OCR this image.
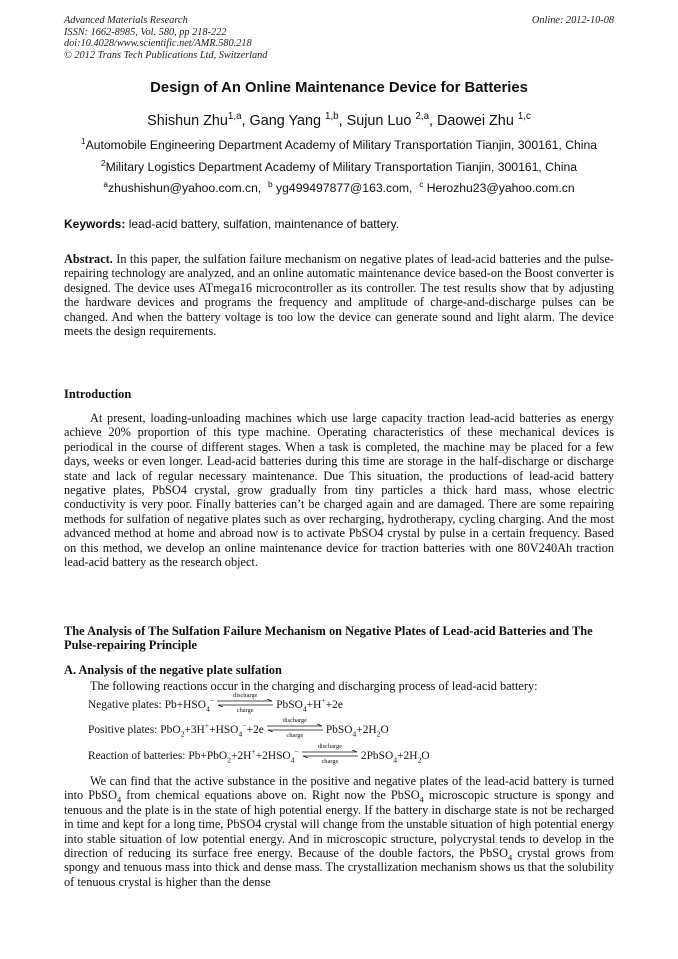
Advanced Materials Research
ISSN: 1662-8985, Vol. 580, pp 218-222
doi:10.4028/www.scientific.net/AMR.580.218
© 2012 Trans Tech Publications Ltd, Switzerland
Online: 2012-10-08
Design of An Online Maintenance Device for Batteries
Shishun Zhu$^{1,a}$, Gang Yang $^{1,b}$, Sujun Luo $^{2,a}$, Daowei Zhu $^{1,c}$
$^1$Automobile Engineering Department Academy of Military Transportation Tianjin, 300161, China
$^2$Military Logistics Department Academy of Military Transportation Tianjin, 300161, China
$^a$zhushishun@yahoo.com.cn, $^b$ yg499497877@163.com, $^c$ Herozhu23@yahoo.com.cn
Keywords: lead-acid battery, sulfation, maintenance of battery.
Abstract. In this paper, the sulfation failure mechanism on negative plates of lead-acid batteries and the pulse-repairing technology are analyzed, and an online automatic maintenance device based-on the Boost converter is designed. The device uses ATmega16 microcontroller as its controller. The test results show that by adjusting the hardware devices and programs the frequency and amplitude of charge-and-discharge pulses can be changed. And when the battery voltage is too low the device can generate sound and light alarm. The device meets the design requirements.
Introduction
At present, loading-unloading machines which use large capacity traction lead-acid batteries as energy achieve 20% proportion of this type machine. Operating characteristics of these mechanical devices is periodical in the course of different stages. When a task is completed, the machine may be placed for a few days, weeks or even longer. Lead-acid batteries during this time are storage in the half-discharge or discharge state and lack of regular necessary maintenance. Due This situation, the productions of lead-acid battery negative plates, PbSO4 crystal, grow gradually from tiny particles a thick hard mass, whose electric conductivity is very poor. Finally batteries can’t be charged again and are damaged. There are some repairing methods for sulfation of negative plates such as over recharging, hydrotherapy, cycling charging. And the most advanced method at home and abroad now is to activate PbSO4 crystal by pulse in a certain frequency. Based on this method, we develop an online maintenance device for traction batteries with one 80V240Ah traction lead-acid battery as the research object.
The Analysis of The Sulfation Failure Mechanism on Negative Plates of Lead-acid Batteries and The Pulse-repairing Principle
A. Analysis of the negative plate sulfation
The following reactions occur in the charging and discharging process of lead-acid battery:
Negative plates: $Pb+HSO_4^-$
discharge
charge	PbSO$_4$+H++2e
Positive plates: $PbO_2+3H^++HSO_4^-+2e$
discharge
charge	$PbSO_4+2H_2O$
Reaction of batteries: $Pb+PbO_2+2H^++2HSO_4^-$
discharge
charge	$2PbSO_4+2H_2O$
We can find that the active substance in the positive and negative plates of the lead-acid battery is turned into PbSO$_4$ from chemical equations above on. Right now the PbSO$_4$ microscopic structure is spongy and tenuous and the plate is in the state of high potential energy. If the battery in discharge state is not be recharged in time and kept for a long time, PbSO4 crystal will change from the unstable situation of high potential energy into stable situation of low potential energy. And in microscopic structure, polycrystal tends to develop in the direction of reducing its surface free energy. Because of the double factors, the PbSO$_4$ crystal grows from spongy and tenuous mass into thick and dense mass. The crystallization mechanism shows us that the solubility of tenuous crystal is higher than the dense
